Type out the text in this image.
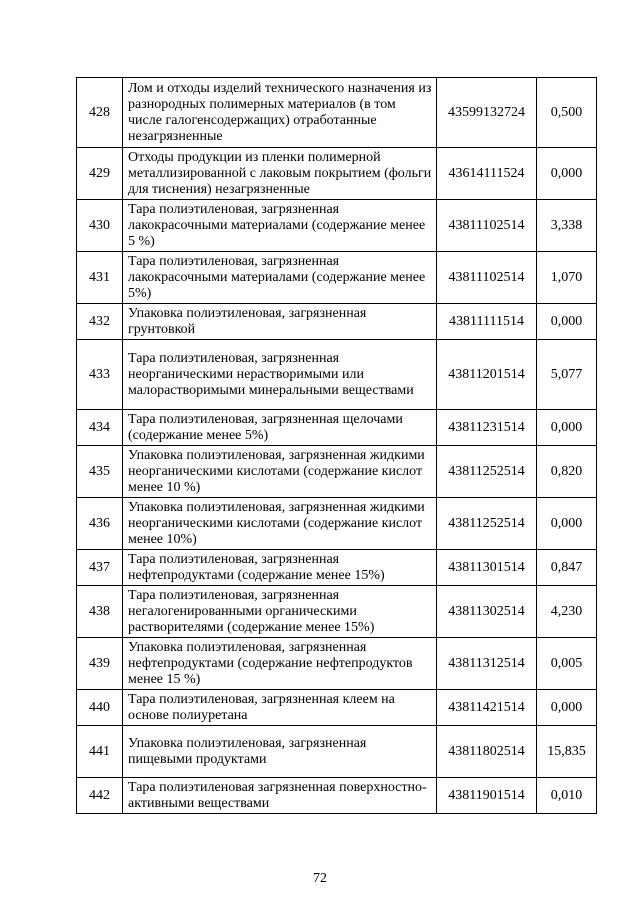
428	Лом и отходы изделий технического назначения из разнородных полимерных материалов (в том числе галогенсодержащих) отработанные незагрязненные	43599132724	0,500
429	Отходы продукции из пленки полимерной металлизированной с лаковым покрытием (фольги для тиснения) незагрязненные	43614111524	0,000
430	Тара полиэтиленовая, загрязненная лакокрасочными материалами (содержание менее 5 %)	43811102514	3,338
431	Тара полиэтиленовая, загрязненная лакокрасочными материалами (содержание менее 5%)	43811102514	1,070
432	Упаковка полиэтиленовая, загрязненная грунтовкой	43811111514	0,000
433	Тара полиэтиленовая, загрязненная неорганическими нерастворимыми или малорастворимыми минеральными веществами	43811201514	5,077
434	Тара полиэтиленовая, загрязненная щелочами (содержание менее 5%)	43811231514	0,000
435	Упаковка полиэтиленовая, загрязненная жидкими неорганическими кислотами (содержание кислот менее 10 %)	43811252514	0,820
436	Упаковка полиэтиленовая, загрязненная жидкими неорганическими кислотами (содержание кислот менее 10%)	43811252514	0,000
437	Тара полиэтиленовая, загрязненная нефтепродуктами (содержание менее 15%)	43811301514	0,847
438	Тара полиэтиленовая, загрязненная негалогенированными органическими растворителями (содержание менее 15%)	43811302514	4,230
439	Упаковка полиэтиленовая, загрязненная нефтепродуктами (содержание нефтепродуктов менее 15 %)	43811312514	0,005
440	Тара полиэтиленовая, загрязненная клеем на основе полиуретана	43811421514	0,000
441	Упаковка полиэтиленовая, загрязненная пищевыми продуктами	43811802514	15,835
442	Тара полиэтиленовая загрязненная поверхностно-активными веществами	43811901514	0,010
72
